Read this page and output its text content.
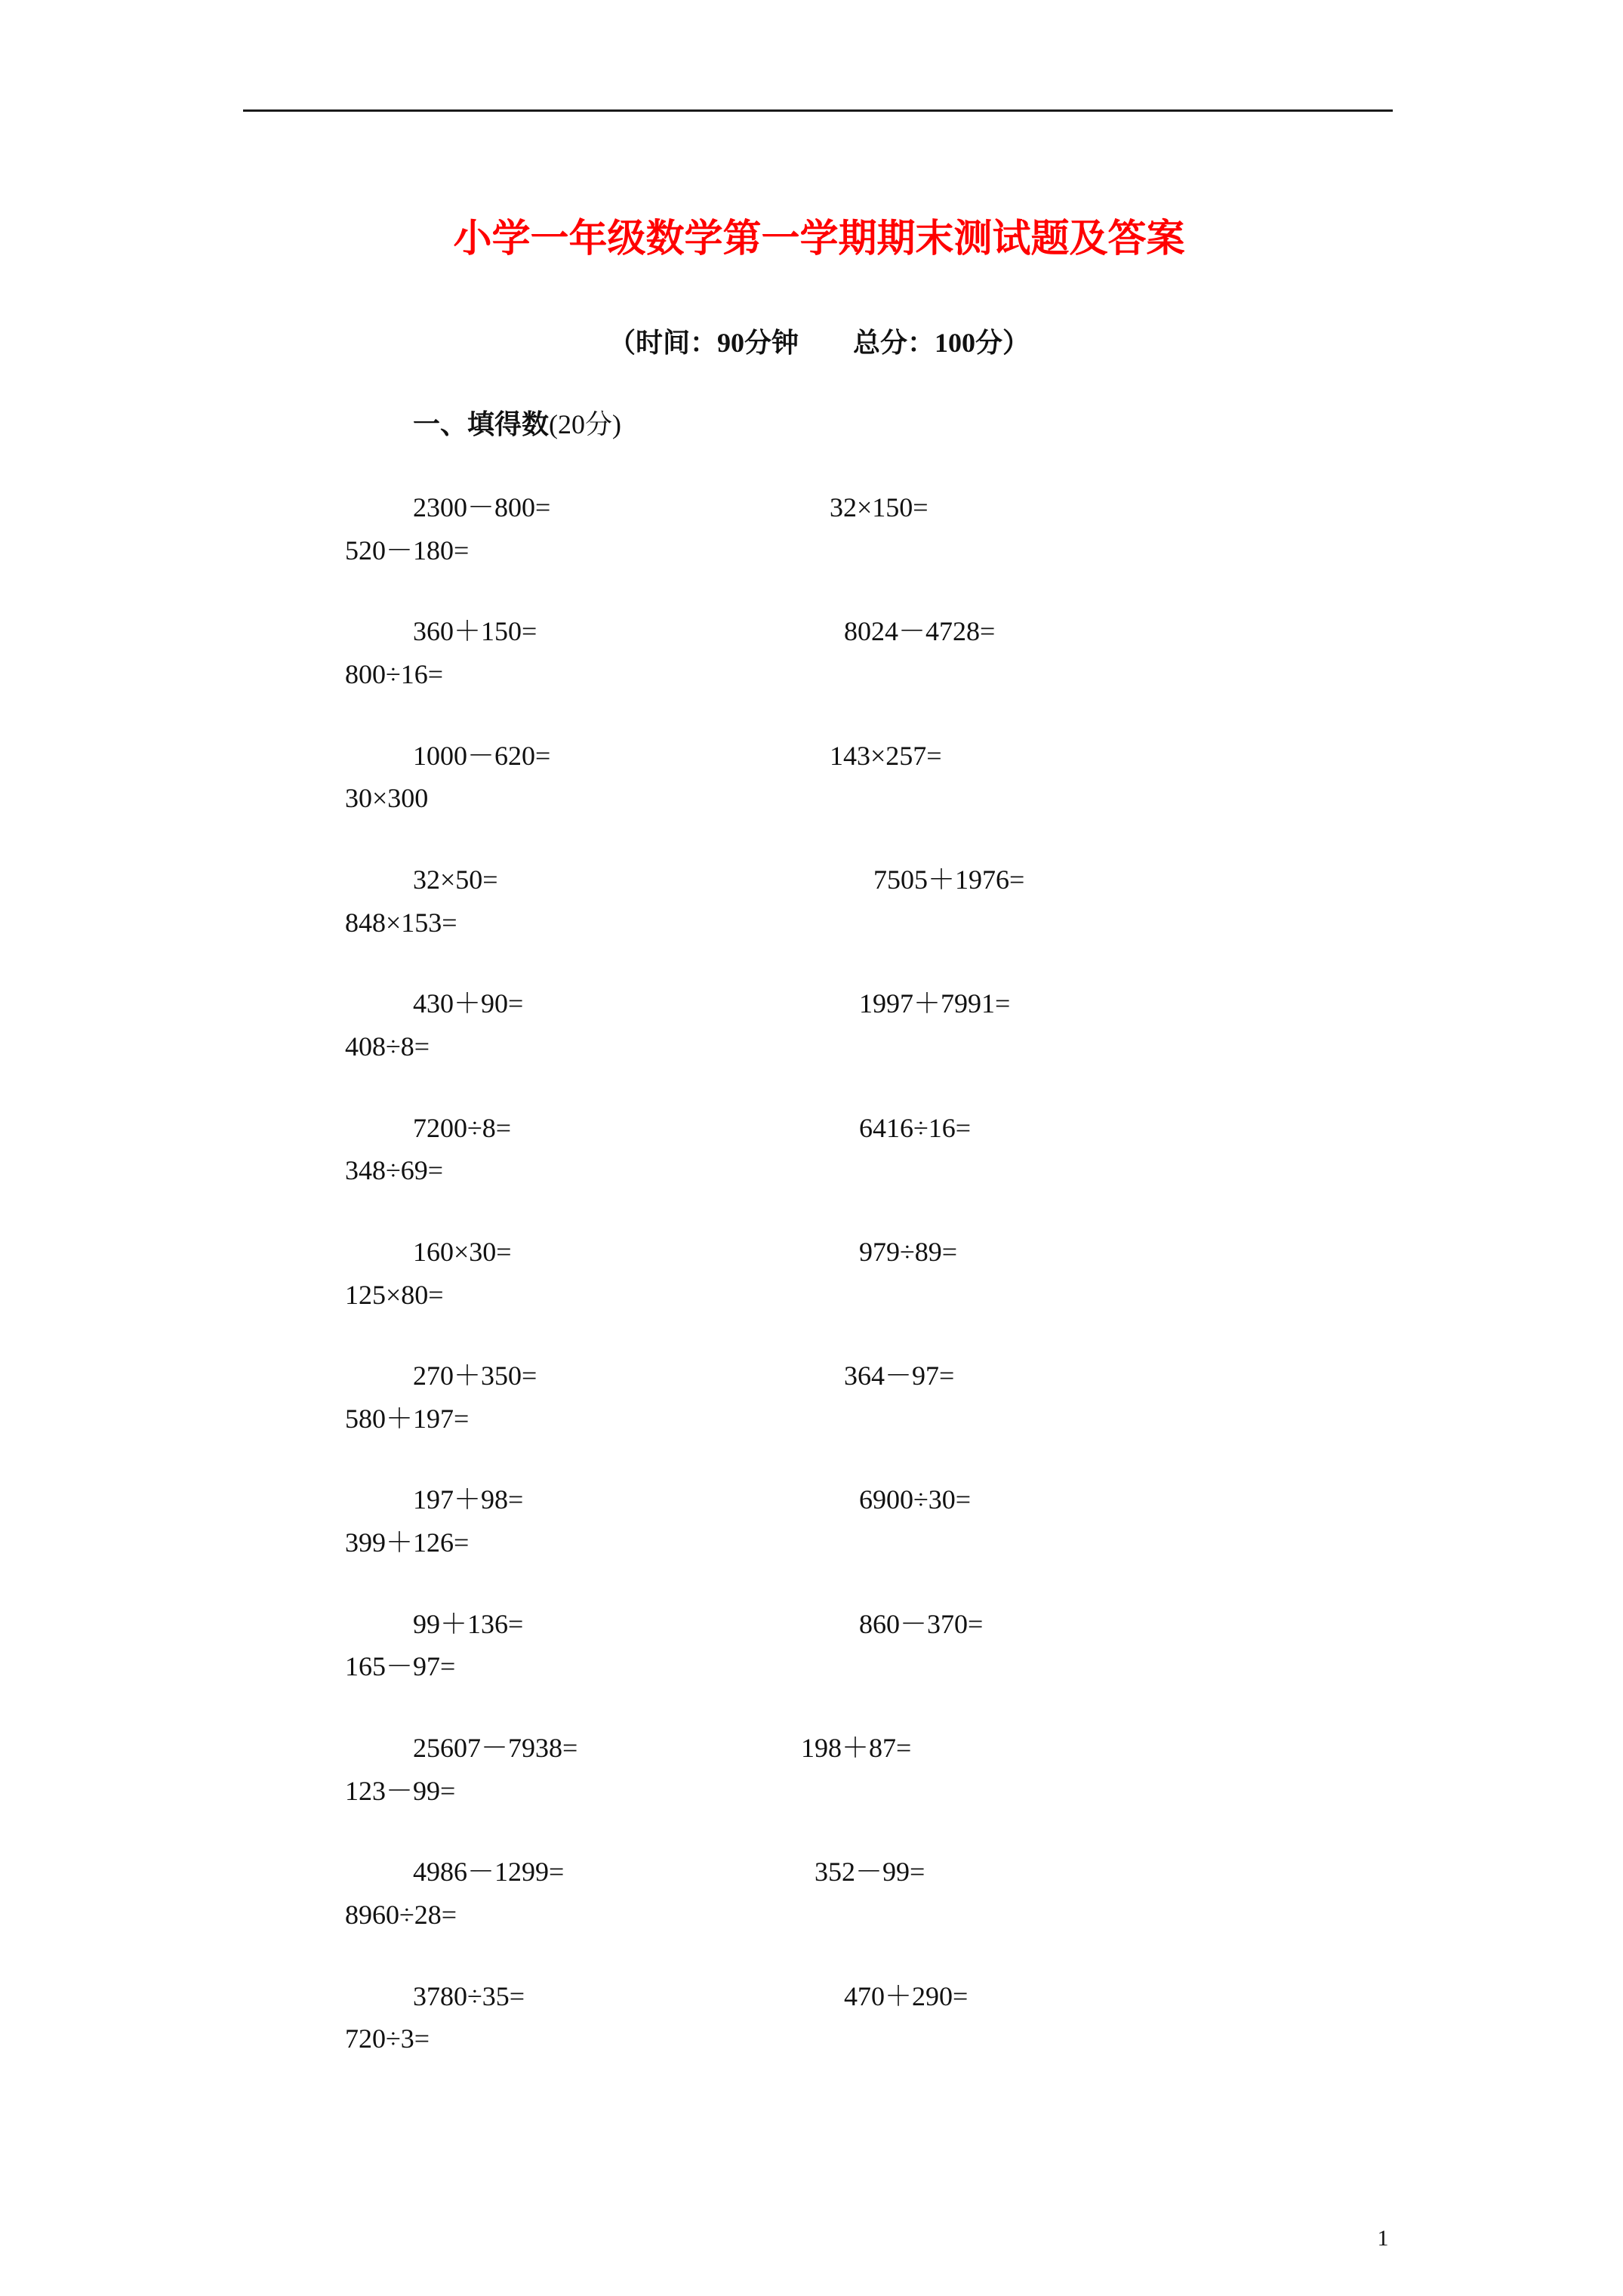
小学一年级数学第一学期期末测试题及答案
（时间：90分钟　　总分：100分）
一、填得数(20分)
2300－800=	32×150=
520－180=
360＋150=	8024－4728=
800÷16=
1000－620=	143×257=
30×300
32×50=	7505＋1976=
848×153=
430＋90=	1997＋7991=
408÷8=
7200÷8=	6416÷16=
348÷69=
160×30=	979÷89=
125×80=
270＋350=	364－97=
580＋197=
197＋98=	6900÷30=
399＋126=
99＋136=	860－370=
165－97=
25607－7938=	198＋87=
123－99=
4986－1299=	352－99=
8960÷28=
3780÷35=	470＋290=
720÷3=
1
